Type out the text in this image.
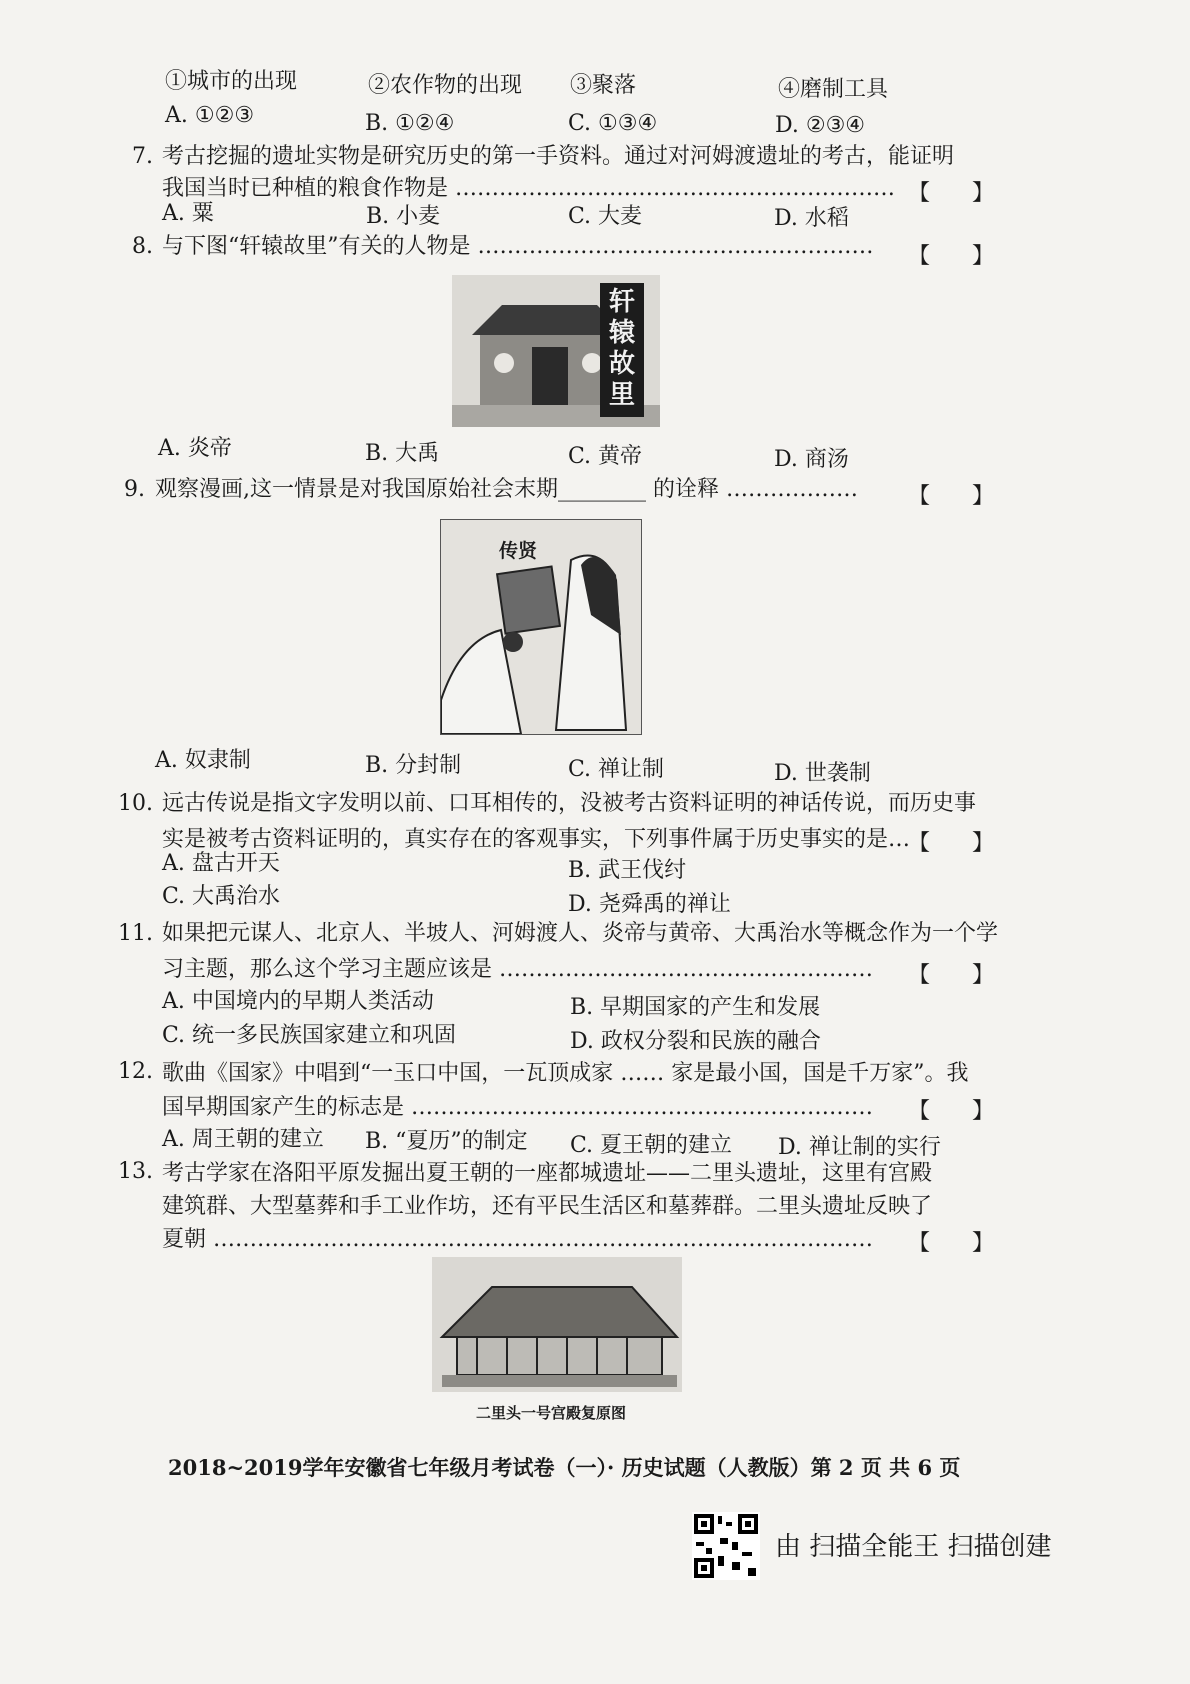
①城市的出现	②农作物的出现 ③聚落	④磨制工具
A. ①②③	B. ①②④	C. ①③④	D. ②③④
7. 考古挖掘的遗址实物是研究历史的第一手资料。通过对河姆渡遗址的考古，能证明
我国当时已种植的粮食作物是 …………………………………………………… 【      】
A. 粟	B. 小麦	C. 大麦	D. 水稻
8. 与下图“轩辕故里”有关的人物是 ……………………………………………… 【      】
轩辕故里
A. 炎帝	B. 大禹	C. 黄帝	D. 商汤
9. 观察漫画,这一情景是对我国原始社会末期________ 的诠释 ……………… 【      】
传贤
A. 奴隶制	B. 分封制	C. 禅让制	D. 世袭制
10. 远古传说是指文字发明以前、口耳相传的，没被考古资料证明的神话传说，而历史事
实是被考古资料证明的，真实存在的客观事实，下列事件属于历史事实的是…
【      】
A. 盘古开天	B. 武王伐纣
C. 大禹治水	D. 尧舜禹的禅让
11. 如果把元谋人、北京人、半坡人、河姆渡人、炎帝与黄帝、大禹治水等概念作为一个学
习主题，那么这个学习主题应该是 …………………………………………… 【      】
A. 中国境内的早期人类活动	B. 早期国家的产生和发展
C. 统一多民族国家建立和巩固	D. 政权分裂和民族的融合
12. 歌曲《国家》中唱到“一玉口中国，一瓦顶成家 …… 家是最小国，国是千万家”。我
国早期国家产生的标志是 ……………………………………………………… 【      】
A. 周王朝的建立 B. “夏历”的制定 C. 夏王朝的建立 D. 禅让制的实行
13. 考古学家在洛阳平原发掘出夏王朝的一座都城遗址——二里头遗址，这里有宫殿
建筑群、大型墓葬和手工业作坊，还有平民生活区和墓葬群。二里头遗址反映了
夏朝 ……………………………………………………………………………… 【      】
二里头一号宫殿复原图
2018~2019学年安徽省七年级月考试卷（一）· 历史试题（人教版）第 2 页 共 6 页
由 扫描全能王 扫描创建
